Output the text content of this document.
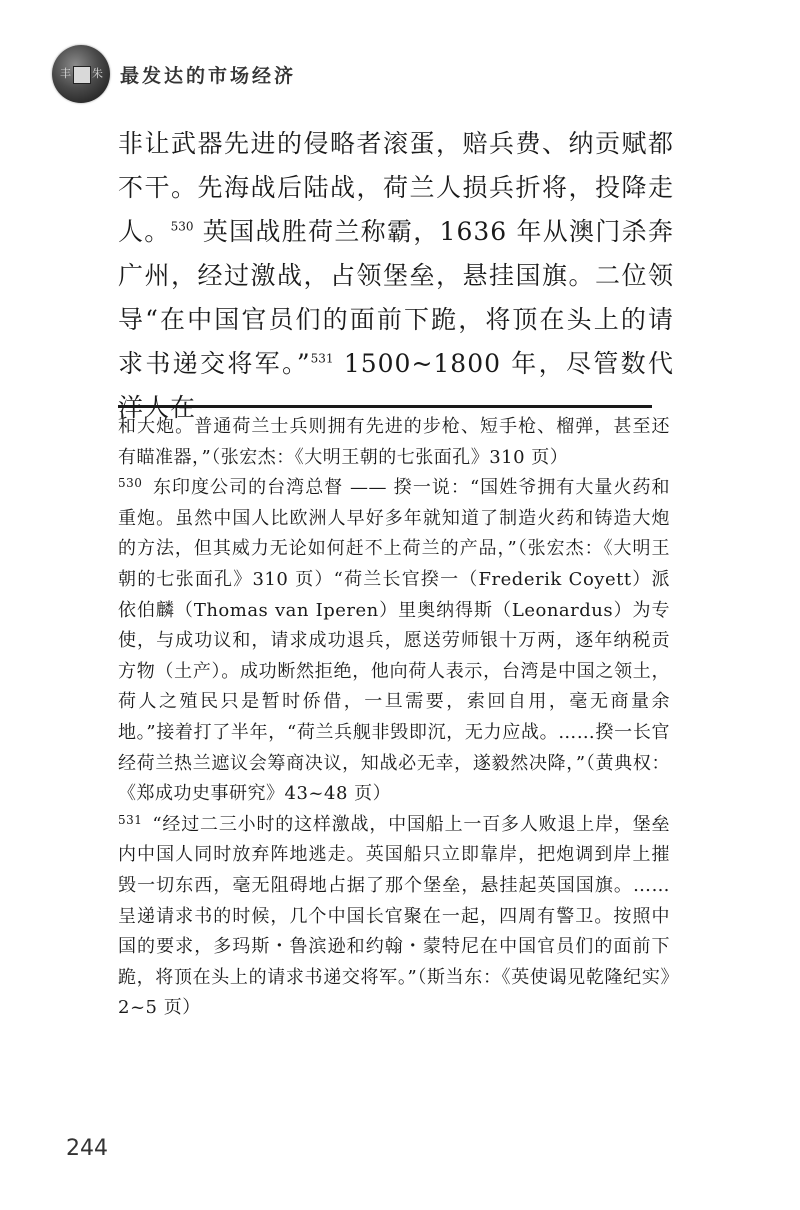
丰 朱 最发达的市场经济

非让武器先进的侵略者滚蛋，赔兵费、纳贡赋都不干。先海战后陆战，荷兰人损兵折将，投降走人。$^{530}$ 英国战胜荷兰称霸，1636 年从澳门杀奔广州，经过激战，占领堡垒，悬挂国旗。二位领导“在中国官员们的面前下跪，将顶在头上的请求书递交将军。”$^{531}$ 1500~1800 年，尽管数代洋人在

和大炮。普通荷兰士兵则拥有先进的步枪、短手枪、榴弹，甚至还有瞄准器，”（张宏杰：《大明王朝的七张面孔》310 页）

$^{530}$ 东印度公司的台湾总督 —— 揆一说：“国姓爷拥有大量火药和重炮。虽然中国人比欧洲人早好多年就知道了制造火药和铸造大炮的方法，但其威力无论如何赶不上荷兰的产品，”（张宏杰：《大明王朝的七张面孔》310 页）“荷兰长官揆一（Frederik Coyett）派依伯麟（Thomas van Iperen）里奥纳得斯（Leonardus）为专使，与成功议和，请求成功退兵，愿送劳师银十万两，逐年纳税贡方物（土产）。成功断然拒绝，他向荷人表示，台湾是中国之领土，荷人之殖民只是暂时侨借，一旦需要，索回自用，毫无商量余地。”接着打了半年，“荷兰兵舰非毁即沉，无力应战。……揆一长官经荷兰热兰遮议会筹商决议，知战必无幸，遂毅然决降，”（黄典权：《郑成功史事研究》43~48 页）

$^{531}$ “经过二三小时的这样激战，中国船上一百多人败退上岸，堡垒内中国人同时放弃阵地逃走。英国船只立即靠岸，把炮调到岸上摧毁一切东西，毫无阻碍地占据了那个堡垒，悬挂起英国国旗。……呈递请求书的时候，几个中国长官聚在一起，四周有警卫。按照中国的要求，多玛斯・鲁滨逊和约翰・蒙特尼在中国官员们的面前下跪，将顶在头上的请求书递交将军。”（斯当东：《英使谒见乾隆纪实》2~5 页）

244
